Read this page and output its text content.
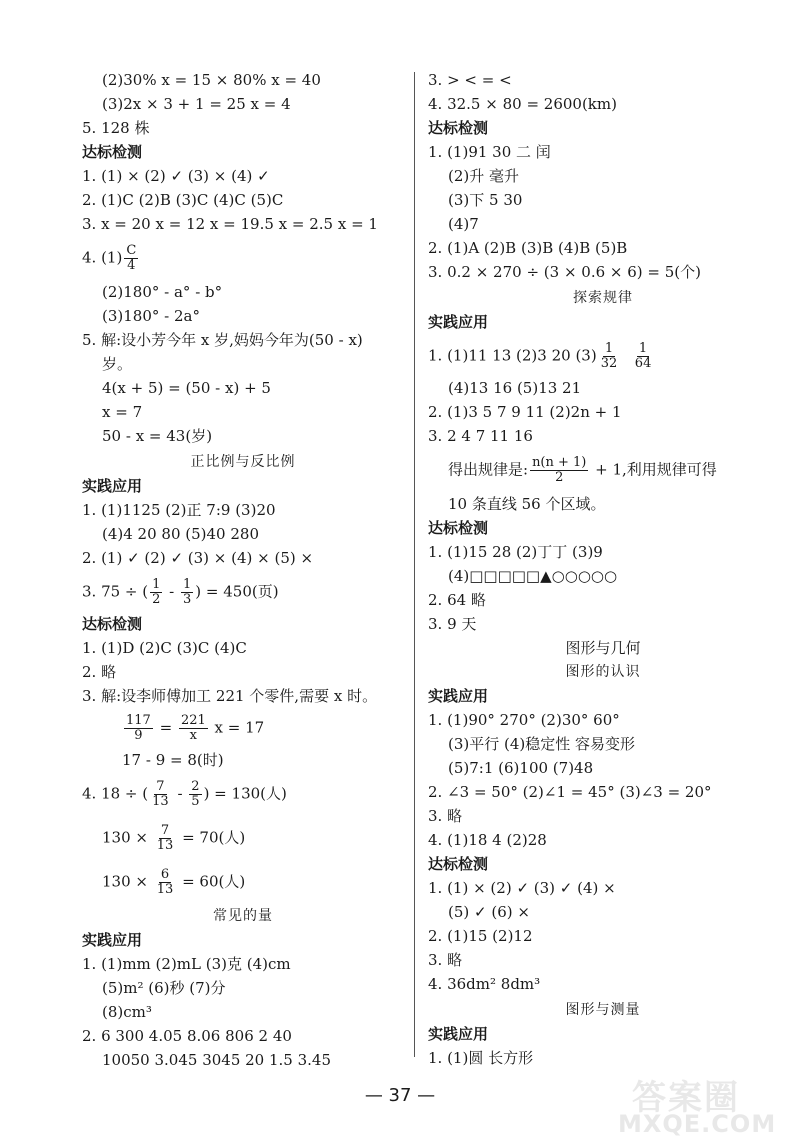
(2)30% x = 15 × 80% x = 40
(3)2x × 3 + 1 = 25 x = 4
5. 128 株
达标检测
1. (1) × (2) ✓ (3) × (4) ✓
2. (1)C (2)B (3)C (4)C (5)C
3. x = 20 x = 12 x = 19.5 x = 2.5 x = 1
4. $(1) \frac{C}{4}$
(2)180° - a° - b°
(3)180° - 2a°
5. 解:设小芳今年 x 岁,妈妈今年为(50 - x)
岁。
4(x + 5) = (50 - x) + 5
x = 7
50 - x = 43(岁)
正比例与反比例
实践应用
1. (1)1125 (2)正 7:9 (3)20
(4)4 20 80 (5)40 280
2. (1) ✓ (2) ✓ (3) × (4) × (5) ×
3. 75 ÷ ( $\frac{1}{2} - \frac{1}{3}$ ) = 450(页)
达标检测
1. (1)D (2)C (3)C (4)C
2. 略
3. 解:设李师傅加工 221 个零件,需要 x 时。
$\frac{117}{9} = \frac{221}{x}$ x = 17
17 - 9 = 8(时)
4. 18 ÷ ( $\frac{7}{13} - \frac{2}{5}$ ) = 130(人)
$130 \times \frac{7}{13} = 70$(人)
$130 \times \frac{6}{13} = 60$(人)
常见的量
实践应用
1. (1)mm (2)mL (3)克 (4)cm
(5)m² (6)秒 (7)分
(8)cm³
2. 6 300 4.05 8.06 806 2 40
10050 3.045 3045 20 1.5 3.45
3. > < = <
4. 32.5 × 80 = 2600(km)
达标检测
1. (1)91 30 二 闰
(2)升 毫升
(3)下 5 30
(4)7
2. (1)A (2)B (3)B (4)B (5)B
3. 0.2 × 270 ÷ (3 × 0.6 × 6) = 5(个)
探索规律
实践应用
1. (1)11 13 (2)3 20 $(3) \frac{1}{32}$
$\frac{1}{64}$
(4)13 16 (5)13 21
2. (1)3 5 7 9 11 (2)2n + 1
3. 2 4 7 11 16
得出规律是: $\frac{n(n + 1)}{2} + 1$,利用规律可得
10 条直线 56 个区域。
达标检测
1. (1)15 28 (2)丁丁 (3)9
(4)□□□□□▲○○○○○
2. 64 略
3. 9 天
图形与几何
图形的认识
实践应用
1. (1)90° 270° (2)30° 60°
(3)平行 (4)稳定性 容易变形
(5)7:1 (6)100 (7)48
2. ∠3 = 50° (2)∠1 = 45° (3)∠3 = 20°
3. 略
4. (1)18 4 (2)28
达标检测
1. (1) × (2) ✓ (3) ✓ (4) ×
(5) ✓ (6) ×
2. (1)15 (2)12
3. 略
4. 36dm² 8dm³
图形与测量
实践应用
1. (1)圆 长方形
— 37 —	答案圈
MXQE.COM
